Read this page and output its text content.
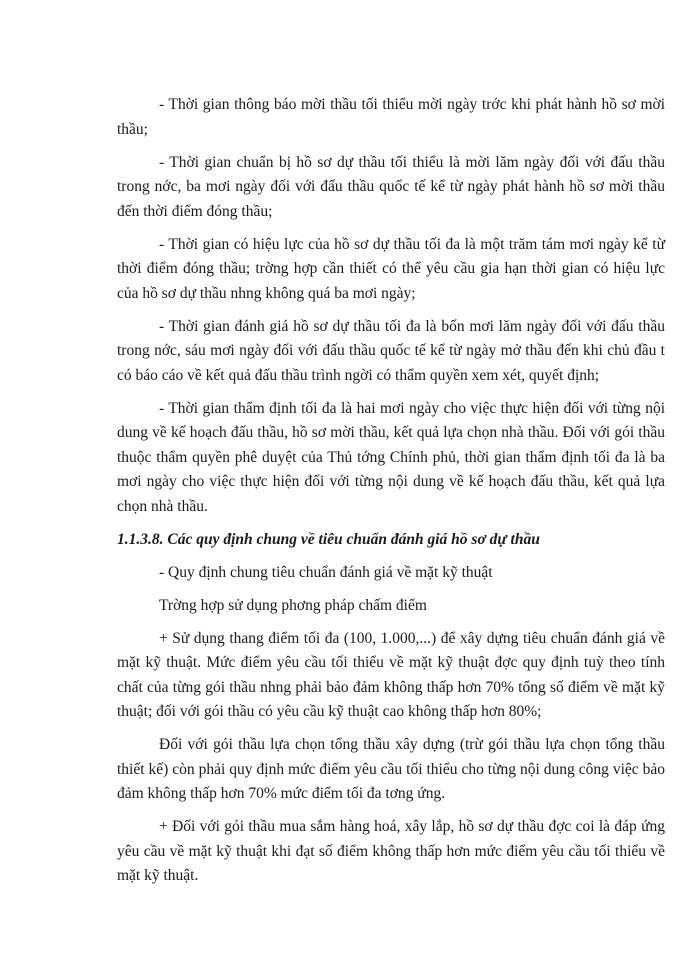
- Thời gian thông báo mời thầu tối thiểu mời ngày trớc khi phát hành hồ sơ mời thầu;

- Thời gian chuẩn bị hồ sơ dự thầu tối thiểu là mời lăm ngày đối với đấu thầu trong nớc, ba mơi ngày đối với đấu thầu quốc tế kể từ ngày phát hành hồ sơ mời thầu đến thời điểm đóng thầu;

- Thời gian có hiệu lực của hồ sơ dự thầu tối đa là một trăm tám mơi ngày kể từ thời điểm đóng thầu; trờng hợp cần thiết có thể yêu cầu gia hạn thời gian có hiệu lực của hồ sơ dự thầu nhng không quá ba mơi ngày;

- Thời gian đánh giá hồ sơ dự thầu tối đa là bốn mơi lăm ngày đối với đấu thầu trong nớc, sáu mơi ngày đối với đấu thầu quốc tế kể từ ngày mở thầu đến khi chủ đầu t có báo cáo về kết quả đấu thầu trình ngời có thẩm quyền xem xét, quyết định;

- Thời gian thẩm định tối đa là hai mơi ngày cho việc thực hiện đối với từng nội dung về kế hoạch đấu thầu, hồ sơ mời thầu, kết quả lựa chọn nhà thầu. Đối với gói thầu thuộc thẩm quyền phê duyệt của Thủ tớng Chính phủ, thời gian thẩm định tối đa là ba mơi ngày cho việc thực hiện đối với từng nội dung về kế hoạch đấu thầu, kết quả lựa chọn nhà thầu.

1.1.3.8. Các quy định chung về tiêu chuẩn đánh giá hồ sơ dự thầu

- Quy định chung tiêu chuẩn đánh giá về mặt kỹ thuật

Trờng hợp sử dụng phơng pháp chấm điểm

+ Sử dụng thang điểm tối đa (100, 1.000,...) để xây dựng tiêu chuẩn đánh giá về mặt kỹ thuật. Mức điểm yêu cầu tối thiểu về mặt kỹ thuật đợc quy định tuỳ theo tính chất của từng gói thầu nhng phải bảo đảm không thấp hơn 70% tổng số điểm về mặt kỹ thuật; đối với gói thầu có yêu cầu kỹ thuật cao không thấp hơn 80%;

Đối với gói thầu lựa chọn tổng thầu xây dựng (trừ gói thầu lựa chọn tổng thầu thiết kế) còn phải quy định mức điểm yêu cầu tối thiểu cho từng nội dung công việc bảo đảm không thấp hơn 70% mức điểm tối đa tơng ứng.

+ Đối với gói thầu mua sắm hàng hoá, xây lắp, hồ sơ dự thầu đợc coi là đáp ứng yêu cầu về mặt kỹ thuật khi đạt số điểm không thấp hơn mức điểm yêu cầu tối thiểu về mặt kỹ thuật.
